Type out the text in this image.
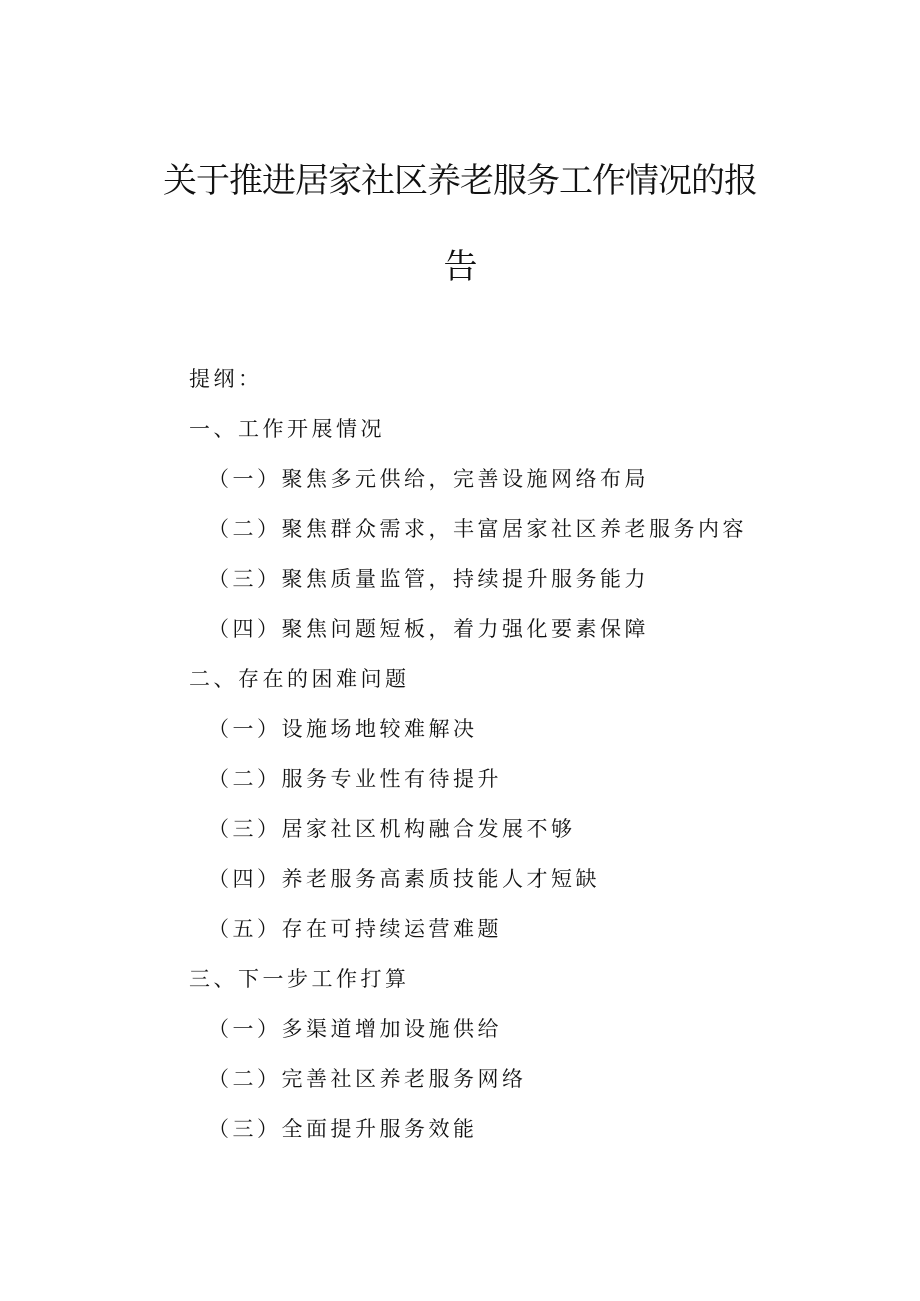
关于推进居家社区养老服务工作情况的报
告
提纲：
一、工作开展情况
（一）聚焦多元供给，完善设施网络布局
（二）聚焦群众需求，丰富居家社区养老服务内容
（三）聚焦质量监管，持续提升服务能力
（四）聚焦问题短板，着力强化要素保障
二、存在的困难问题
（一）设施场地较难解决
（二）服务专业性有待提升
（三）居家社区机构融合发展不够
（四）养老服务高素质技能人才短缺
（五）存在可持续运营难题
三、下一步工作打算
（一）多渠道增加设施供给
（二）完善社区养老服务网络
（三）全面提升服务效能
